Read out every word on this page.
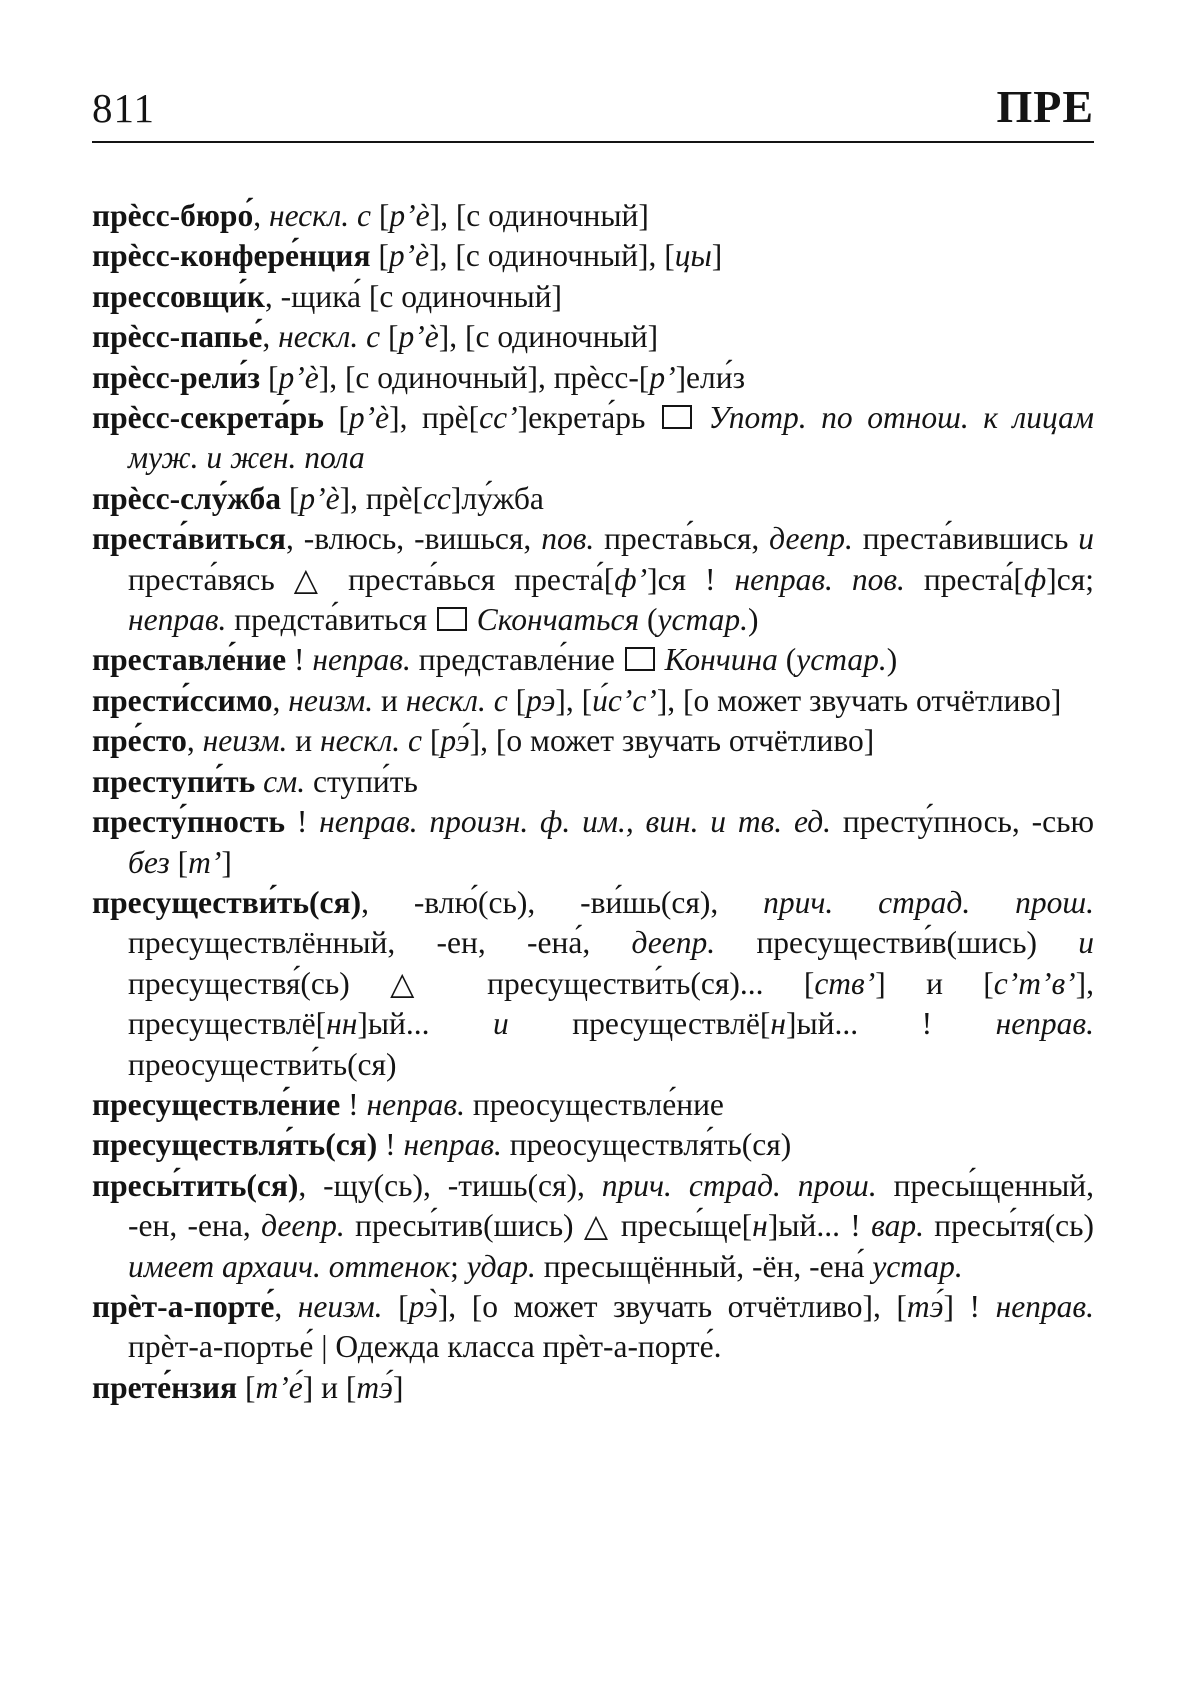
811	ПРЕ

прѐсс-бюро́, нескл. с [рʼѐ], [с одиночный]

прѐсс-конфере́нция [рʼѐ], [с одиночный], [цы]

прессовщи́к, -щика́ [с одиночный]

прѐсс-папье́, нескл. с [рʼѐ], [с одиночный]

прѐсс-рели́з [рʼѐ], [с одиночный], прѐсс-[рʼ]ели́з

прѐсс-секрета́рь [рʼѐ], прѐ[ссʼ]екрета́рь  Употр. по отнош. к лицам муж. и жен. пола

прѐсс-слу́жба [рʼѐ], прѐ[сс]лу́жба

преста́виться, -влюсь, -вишься, пов. преста́вься, деепр. преста́вившись и преста́вясь △ преста́вься преста́[фʼ]ся ! неправ. пов. преста́[ф]ся; неправ. предста́виться  Скончаться (устар.)

преставле́ние ! неправ. представле́ние  Кончина (устар.)

прести́ссимо, неизм. и нескл. с [рэ], [и́сʼсʼ], [о может звучать отчётливо]

пре́сто, неизм. и нескл. с [рэ́], [о может звучать отчётливо]

преступи́ть см. ступи́ть

престу́пность ! неправ. произн. ф. им., вин. и тв. ед. престу́пнось, -сью без [тʼ]

пресуществи́ть(ся), -влю́(сь), -ви́шь(ся), прич. страд. прош. пресуществлённый, -ен, -ена́, деепр. пресуществи́в(шись) и пресуществя́(сь) △ пресуществи́ть(ся)... [ствʼ] и [сʼтʼвʼ], пресуществлё[нн]ый... и пресуществлё[н]ый... ! неправ. преосуществи́ть(ся)

пресуществле́ние ! неправ. преосуществле́ние

пресуществля́ть(ся) ! неправ. преосуществля́ть(ся)

пресы́тить(ся), -щу(сь), -тишь(ся), прич. страд. прош. пресы́щенный, -ен, -ена, деепр. пресы́тив(шись) △ пресы́ще[н]ый... ! вар. пресы́тя(сь) имеет архаич. оттенок; удар. пресыщённый, -ён, -ена́ устар.

прѐт-а-порте́, неизм. [рэ̀], [о может звучать отчётливо], [тэ́] ! неправ. прѐт-а-портье́ | Одежда класса прѐт-а-порте́.

прете́нзия [тʼе́] и [тэ́]
